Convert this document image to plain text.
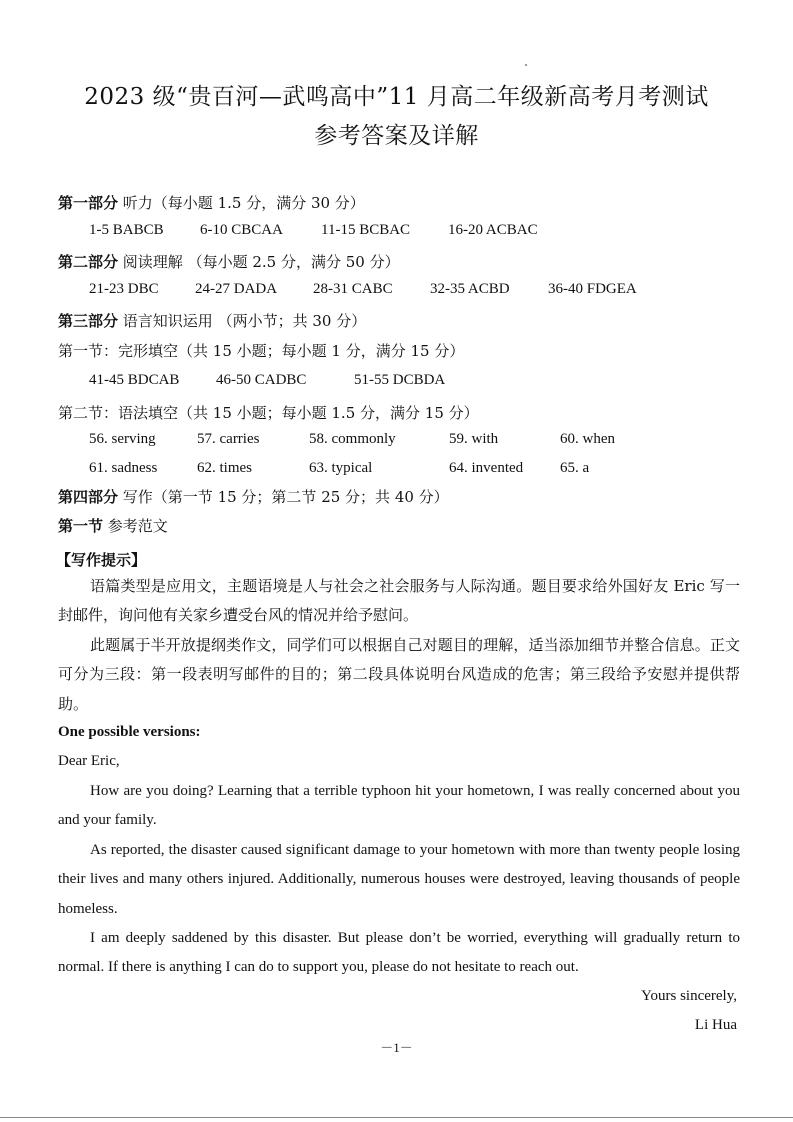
2023 级“贵百河—武鸣高中”11 月高二年级新高考月考测试
参考答案及详解
第一部分 听力（每小题 1.5 分，满分 30 分）
1-5 BABCB 6-10 CBCAA	11-15 BCBAC	16-20 ACBAC
第二部分 阅读理解 （每小题 2.5 分，满分 50 分）
21-23 DBC 24-27 DADA 28-31 CABC 32-35 ACBD	36-40 FDGEA
第三部分 语言知识运用 （两小节；共 30 分）
第一节：完形填空（共 15 小题；每小题 1 分，满分 15 分）
41-45 BDCAB 46-50 CADBC	51-55 DCBDA
第二节：语法填空（共 15 小题；每小题 1.5 分，满分 15 分）
56. serving	57. carries	58. commonly	59. with	60. when
61. sadness	62. times	63. typical	64. invented 65. a
第四部分 写作（第一节 15 分；第二节 25 分；共 40 分）
第一节 参考范文
【写作提示】
语篇类型是应用文，主题语境是人与社会之社会服务与人际沟通。题目要求给外国好友 Eric 写一封邮件，询问他有关家乡遭受台风的情况并给予慰问。
此题属于半开放提纲类作文，同学们可以根据自己对题目的理解，适当添加细节并整合信息。正文可分为三段：第一段表明写邮件的目的；第二段具体说明台风造成的危害；第三段给予安慰并提供帮助。
One possible versions:
Dear Eric,
How are you doing? Learning that a terrible typhoon hit your hometown, I was really concerned about you and your family.
As reported, the disaster caused significant damage to your hometown with more than twenty people losing their lives and many others injured. Additionally, numerous houses were destroyed, leaving thousands of people homeless.
I am deeply saddened by this disaster. But please don’t be worried, everything will gradually return to normal. If there is anything I can do to support you, please do not hesitate to reach out.
Yours sincerely,
Li Hua
－1－
